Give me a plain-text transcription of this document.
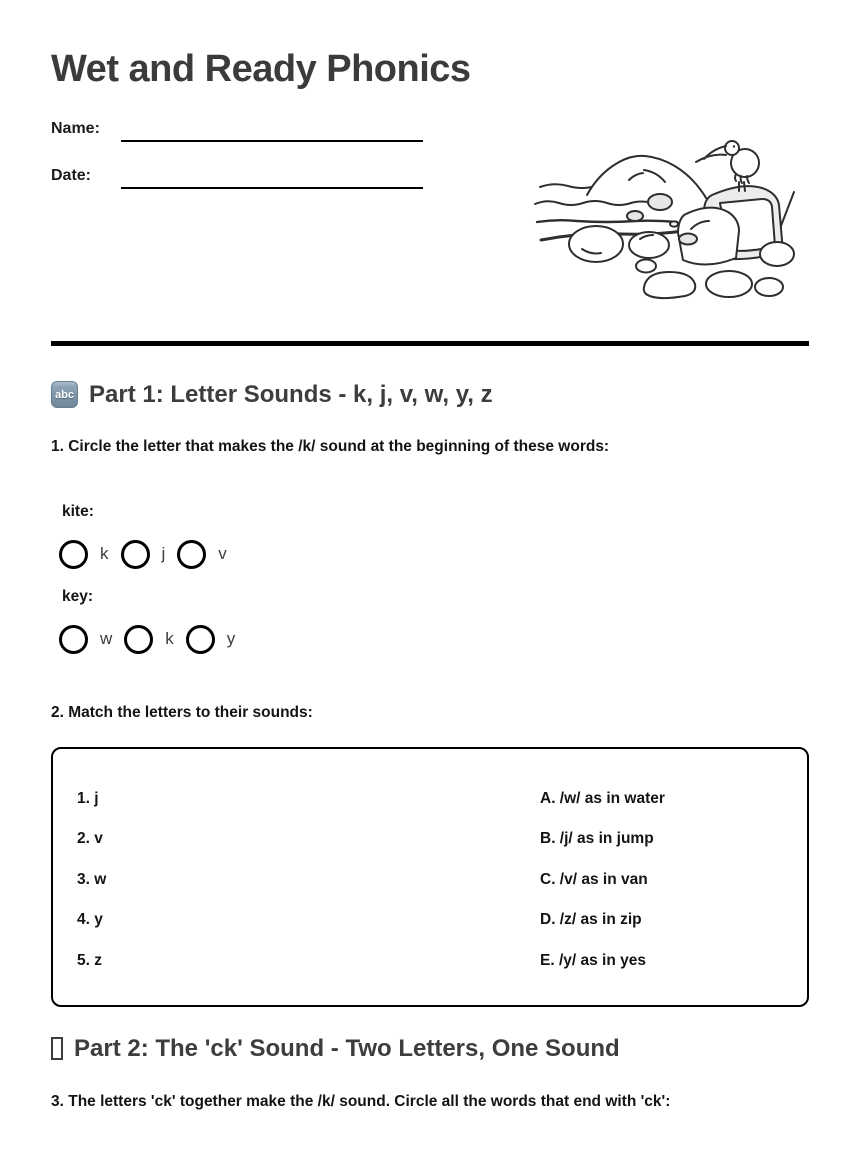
Wet and Ready Phonics
Name:
Date:
abc Part 1: Letter Sounds - k, j, v, w, y, z
1. Circle the letter that makes the /k/ sound at the beginning of these words:
kite:
k	j	v
key:
w	k	y
2. Match the letters to their sounds:
1. j	A. /w/ as in water
2. v	B. /j/ as in jump
3. w	C. /v/ as in van
4. y	D. /z/ as in zip
5. z	E. /y/ as in yes
Part 2: The 'ck' Sound - Two Letters, One Sound
3. The letters 'ck' together make the /k/ sound. Circle all the words that end with 'ck':
